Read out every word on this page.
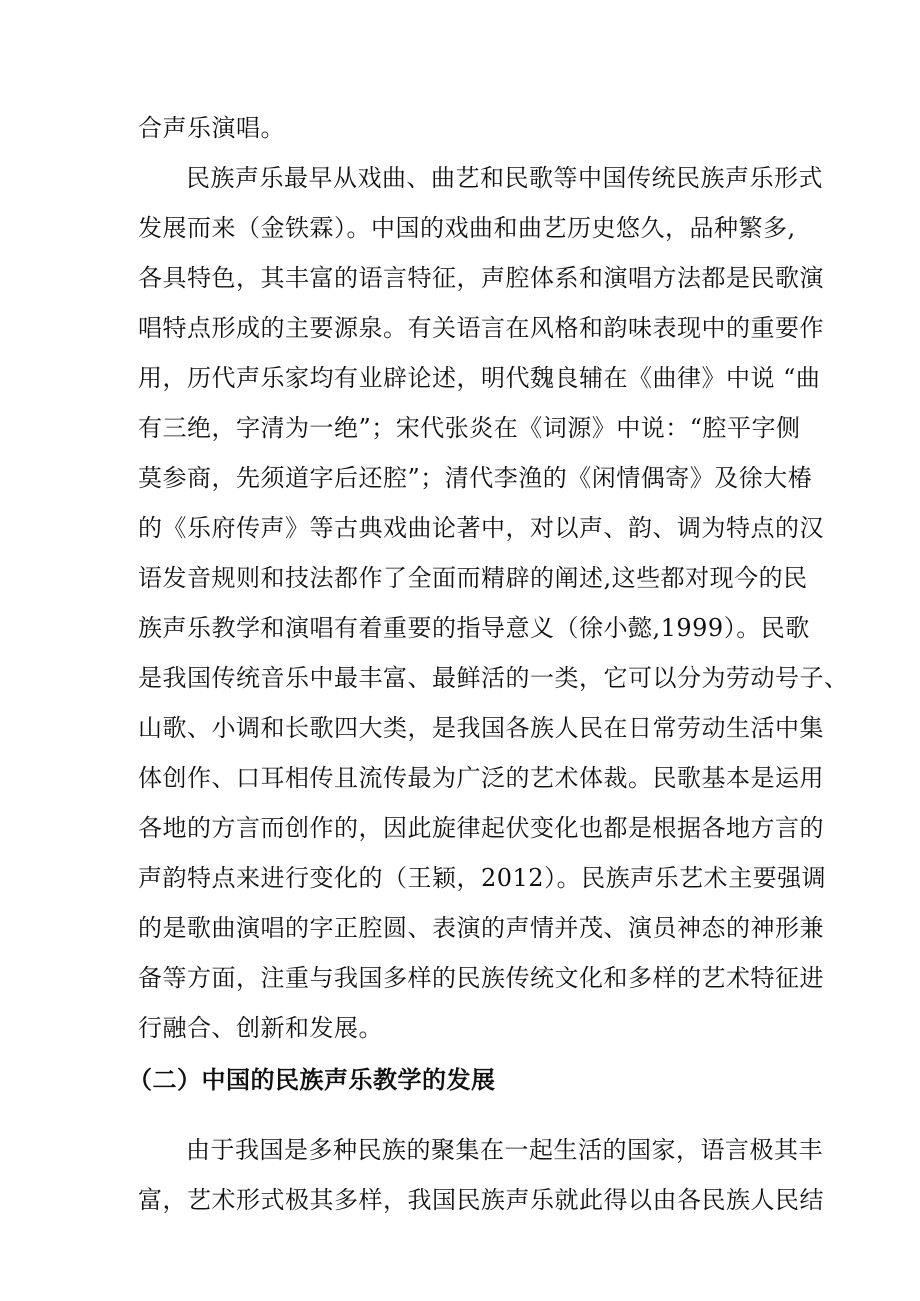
合声乐演唱。
民族声乐最早从戏曲、曲艺和民歌等中国传统民族声乐形式
发展而来（金铁霖）。中国的戏曲和曲艺历史悠久，品种繁多,
各具特色，其丰富的语言特征，声腔体系和演唱方法都是民歌演
唱特点形成的主要源泉。有关语言在风格和韵味表现中的重要作
用，历代声乐家均有业辟论述，明代魏良辅在《曲律》中说 “曲
有三绝，字清为一绝”；宋代张炎在《词源》中说：“腔平字侧
莫参商，先须道字后还腔”；清代李渔的《闲情偶寄》及徐大椿
的《乐府传声》等古典戏曲论著中，对以声、韵、调为特点的汉
语发音规则和技法都作了全面而精辟的阐述,这些都对现今的民
族声乐教学和演唱有着重要的指导意义（徐小懿,1999）。民歌
是我国传统音乐中最丰富、最鲜活的一类，它可以分为劳动号子、
山歌、小调和长歌四大类，是我国各族人民在日常劳动生活中集
体创作、口耳相传且流传最为广泛的艺术体裁。民歌基本是运用
各地的方言而创作的，因此旋律起伏变化也都是根据各地方言的
声韵特点来进行变化的（王颖，2012）。民族声乐艺术主要强调
的是歌曲演唱的字正腔圆、表演的声情并茂、演员神态的神形兼
备等方面，注重与我国多样的民族传统文化和多样的艺术特征进
行融合、创新和发展。
（二）中国的民族声乐教学的发展
由于我国是多种民族的聚集在一起生活的国家，语言极其丰
富，艺术形式极其多样，我国民族声乐就此得以由各民族人民结
